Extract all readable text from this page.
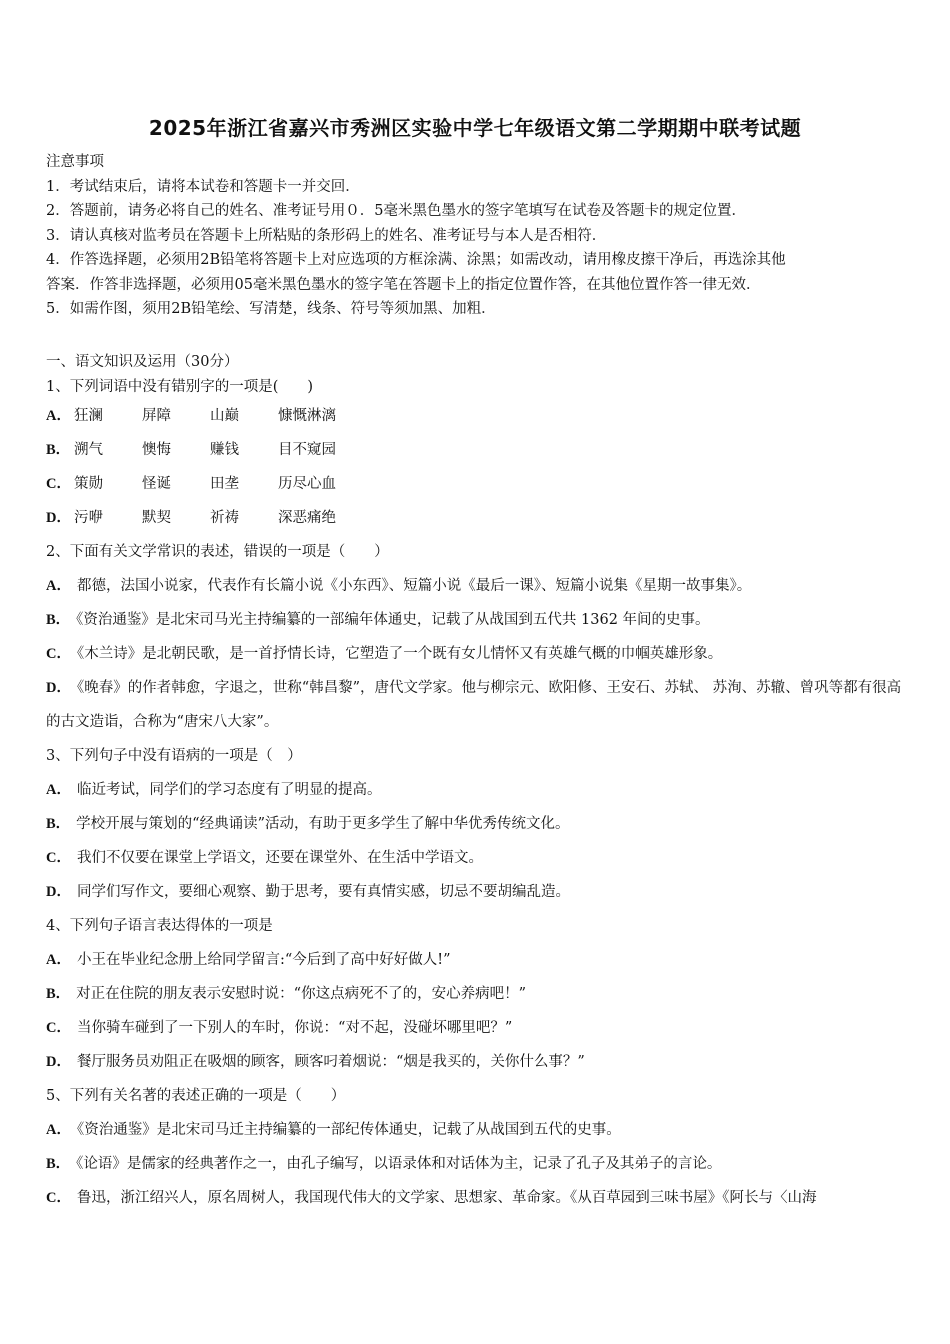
2025年浙江省嘉兴市秀洲区实验中学七年级语文第二学期期中联考试题

注意事项

1．考试结束后，请将本试卷和答题卡一并交回．

2．答题前，请务必将自己的姓名、准考证号用０．5毫米黑色墨水的签字笔填写在试卷及答题卡的规定位置．

3．请认真核对监考员在答题卡上所粘贴的条形码上的姓名、准考证号与本人是否相符．

4．作答选择题，必须用2B铅笔将答题卡上对应选项的方框涂满、涂黑；如需改动，请用橡皮擦干净后，再选涂其他

答案．作答非选择题，必须用05毫米黑色墨水的签字笔在答题卡上的指定位置作答，在其他位置作答一律无效．

5．如需作图，须用2B铅笔绘、写清楚，线条、符号等须加黑、加粗．

一、语文知识及运用（30分）

1、下列词语中没有错别字的一项是(　　)

A． 狂澜	屏障	山巅	慷慨淋漓
B． 溯气	懊悔	赚钱	目不窥园
C． 策勋	怪诞	田垄	历尽心血
D． 污咿	默契	祈祷	深恶痛绝

2、下面有关文学常识的表述，错误的一项是（　　）

A． 都德，法国小说家，代表作有长篇小说《小东西》、短篇小说《最后一课》、短篇小说集《星期一故事集》。

B． 《资治通鉴》是北宋司马光主持编纂的一部编年体通史，记载了从战国到五代共 1362 年间的史事。

C． 《木兰诗》是北朝民歌，是一首抒情长诗，它塑造了一个既有女儿情怀又有英雄气概的巾帼英雄形象。

D． 《晚春》的作者韩愈，字退之，世称“韩昌黎”，唐代文学家。他与柳宗元、欧阳修、王安石、苏轼、 苏洵、苏辙、曾巩等都有很高的古文造诣，合称为“唐宋八大家”。

3、下列句子中没有语病的一项是（　）

A． 临近考试，同学们的学习态度有了明显的提高。

B． 学校开展与策划的“经典诵读”活动，有助于更多学生了解中华优秀传统文化。

C． 我们不仅要在课堂上学语文，还要在课堂外、在生活中学语文。

D． 同学们写作文，要细心观察、勤于思考，要有真情实感，切忌不要胡编乱造。

4、下列句子语言表达得体的一项是

A． 小王在毕业纪念册上给同学留言:“今后到了高中好好做人!”

B． 对正在住院的朋友表示安慰时说：“你这点病死不了的，安心养病吧！”

C． 当你骑车碰到了一下别人的车时，你说：“对不起，没碰坏哪里吧？”

D． 餐厅服务员劝阻正在吸烟的顾客，顾客叼着烟说：“烟是我买的，关你什么事？”

5、下列有关名著的表述正确的一项是（　　）

A． 《资治通鉴》是北宋司马迁主持编纂的一部纪传体通史，记载了从战国到五代的史事。

B． 《论语》是儒家的经典著作之一，由孔子编写，以语录体和对话体为主，记录了孔子及其弟子的言论。

C． 鲁迅，浙江绍兴人，原名周树人，我国现代伟大的文学家、思想家、革命家。《从百草园到三味书屋》《阿长与〈山海
